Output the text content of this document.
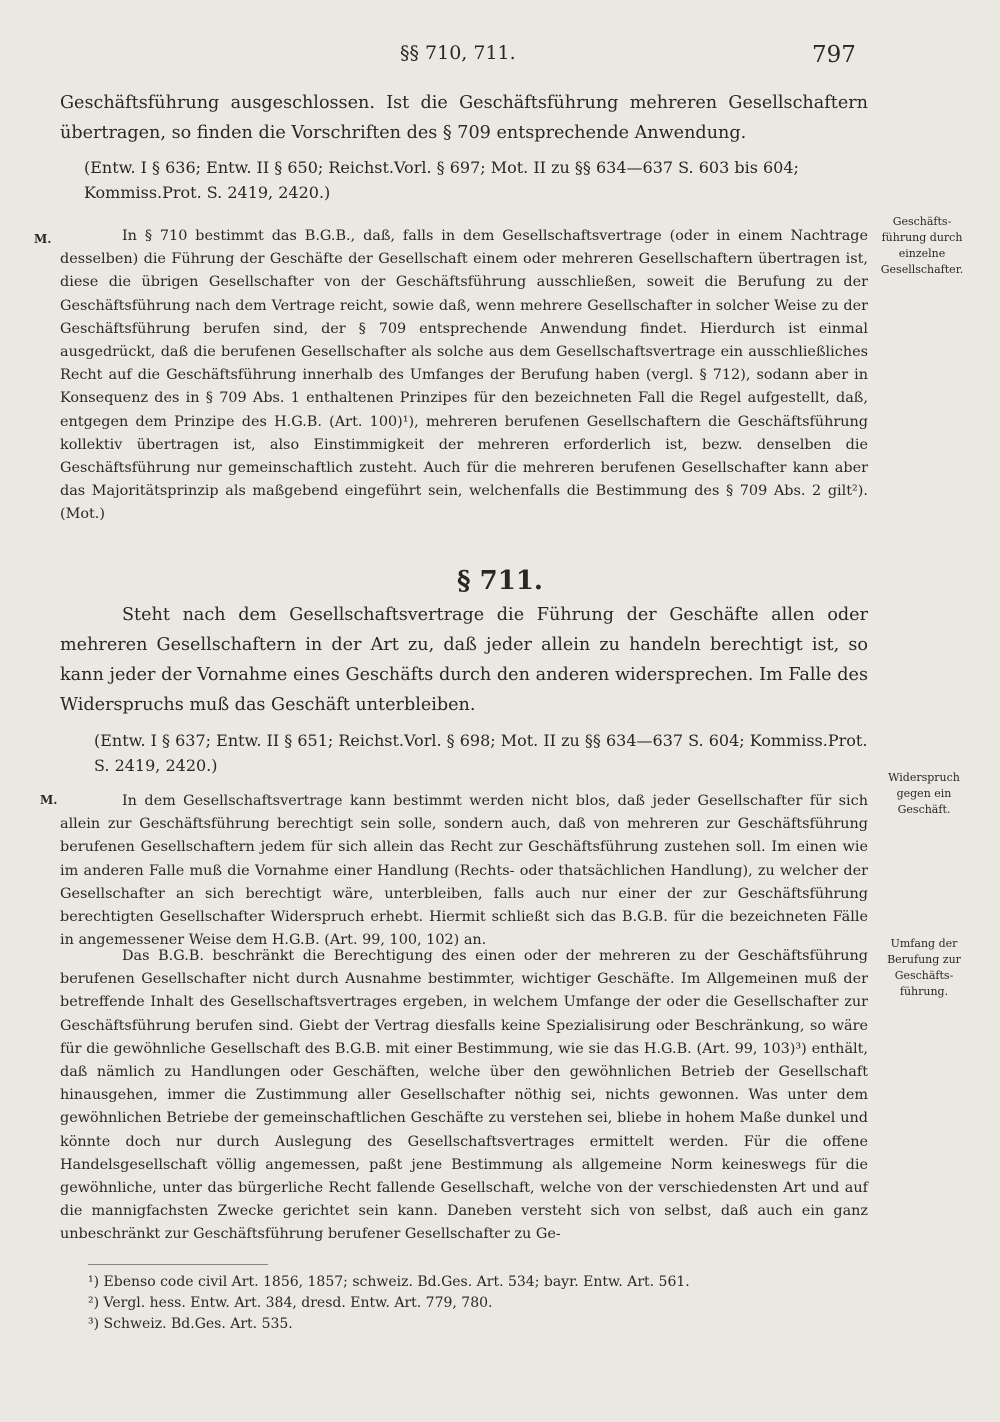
§§ 710, 711.	797

Geschäftsführung ausgeschlossen. Ist die Geschäftsführung mehreren Gesellschaftern übertragen, so finden die Vorschriften des § 709 entsprechende Anwendung.

(Entw. I § 636; Entw. II § 650; Reichst.Vorl. § 697; Mot. II zu §§ 634—637 S. 603 bis 604; Kommiss.Prot. S. 2419, 2420.)

M.	In § 710 bestimmt das B.G.B., daß, falls in dem Gesellschaftsvertrage (oder in einem Nachtrage desselben) die Führung der Geschäfte der Gesellschaft einem oder mehreren Gesellschaftern übertragen ist, diese die übrigen Gesellschafter von der Geschäftsführung ausschließen, soweit die Berufung zu der Geschäftsführung nach dem Vertrage reicht, sowie daß, wenn mehrere Gesellschafter in solcher Weise zu der Geschäftsführung berufen sind, der § 709 entsprechende Anwendung findet. Hierdurch ist einmal ausgedrückt, daß die berufenen Gesellschafter als solche aus dem Gesellschaftsvertrage ein ausschließliches Recht auf die Geschäftsführung innerhalb des Umfanges der Berufung haben (vergl. § 712), sodann aber in Konsequenz des in § 709 Abs. 1 enthaltenen Prinzipes für den bezeichneten Fall die Regel aufgestellt, daß, entgegen dem Prinzipe des H.G.B. (Art. 100)¹), mehreren berufenen Gesellschaftern die Geschäftsführung kollektiv übertragen ist, also Einstimmigkeit der mehreren erforderlich ist, bezw. denselben die Geschäftsführung nur gemeinschaftlich zusteht. Auch für die mehreren berufenen Gesellschafter kann aber das Majoritätsprinzip als maßgebend eingeführt sein, welchenfalls die Bestimmung des § 709 Abs. 2 gilt²). (Mot.)

Geschäfts-führung durch einzelne Gesellschafter.
§ 711.

Steht nach dem Gesellschaftsvertrage die Führung der Geschäfte allen oder mehreren Gesellschaftern in der Art zu, daß jeder allein zu handeln berechtigt ist, so kann jeder der Vornahme eines Geschäfts durch den anderen widersprechen. Im Falle des Widerspruchs muß das Geschäft unterbleiben.

(Entw. I § 637; Entw. II § 651; Reichst.Vorl. § 698; Mot. II zu §§ 634—637 S. 604; Kommiss.Prot. S. 2419, 2420.)

M.
Widerspruch gegen ein Geschäft.

In dem Gesellschaftsvertrage kann bestimmt werden nicht blos, daß jeder Gesellschafter für sich allein zur Geschäftsführung berechtigt sein solle, sondern auch, daß von mehreren zur Geschäftsführung berufenen Gesellschaftern jedem für sich allein das Recht zur Geschäftsführung zustehen soll. Im einen wie im anderen Falle muß die Vornahme einer Handlung (Rechts- oder thatsächlichen Handlung), zu welcher der Gesellschafter an sich berechtigt wäre, unterbleiben, falls auch nur einer der zur Geschäftsführung berechtigten Gesellschafter Widerspruch erhebt. Hiermit schließt sich das B.G.B. für die bezeichneten Fälle in angemessener Weise dem H.G.B. (Art. 99, 100, 102) an.	Umfang der Berufung zur Geschäfts-führung.

Das B.G.B. beschränkt die Berechtigung des einen oder der mehreren zu der Geschäftsführung berufenen Gesellschafter nicht durch Ausnahme bestimmter, wichtiger Geschäfte. Im Allgemeinen muß der betreffende Inhalt des Gesellschaftsvertrages ergeben, in welchem Umfange der oder die Gesellschafter zur Geschäftsführung berufen sind. Giebt der Vertrag diesfalls keine Spezialisirung oder Beschränkung, so wäre für die gewöhnliche Gesellschaft des B.G.B. mit einer Bestimmung, wie sie das H.G.B. (Art. 99, 103)³) enthält, daß nämlich zu Handlungen oder Geschäften, welche über den gewöhnlichen Betrieb der Gesellschaft hinausgehen, immer die Zustimmung aller Gesellschafter nöthig sei, nichts gewonnen. Was unter dem gewöhnlichen Betriebe der gemeinschaftlichen Geschäfte zu verstehen sei, bliebe in hohem Maße dunkel und könnte doch nur durch Auslegung des Gesellschaftsvertrages ermittelt werden. Für die offene Handelsgesellschaft völlig angemessen, paßt jene Bestimmung als allgemeine Norm keineswegs für die gewöhnliche, unter das bürgerliche Recht fallende Gesellschaft, welche von der verschiedensten Art und auf die mannigfachsten Zwecke gerichtet sein kann. Daneben versteht sich von selbst, daß auch ein ganz unbeschränkt zur Geschäftsführung berufener Gesellschafter zu Ge-

¹) Ebenso code civil Art. 1856, 1857; schweiz. Bd.Ges. Art. 534; bayr. Entw. Art. 561.

²) Vergl. hess. Entw. Art. 384, dresd. Entw. Art. 779, 780.

³) Schweiz. Bd.Ges. Art. 535.
